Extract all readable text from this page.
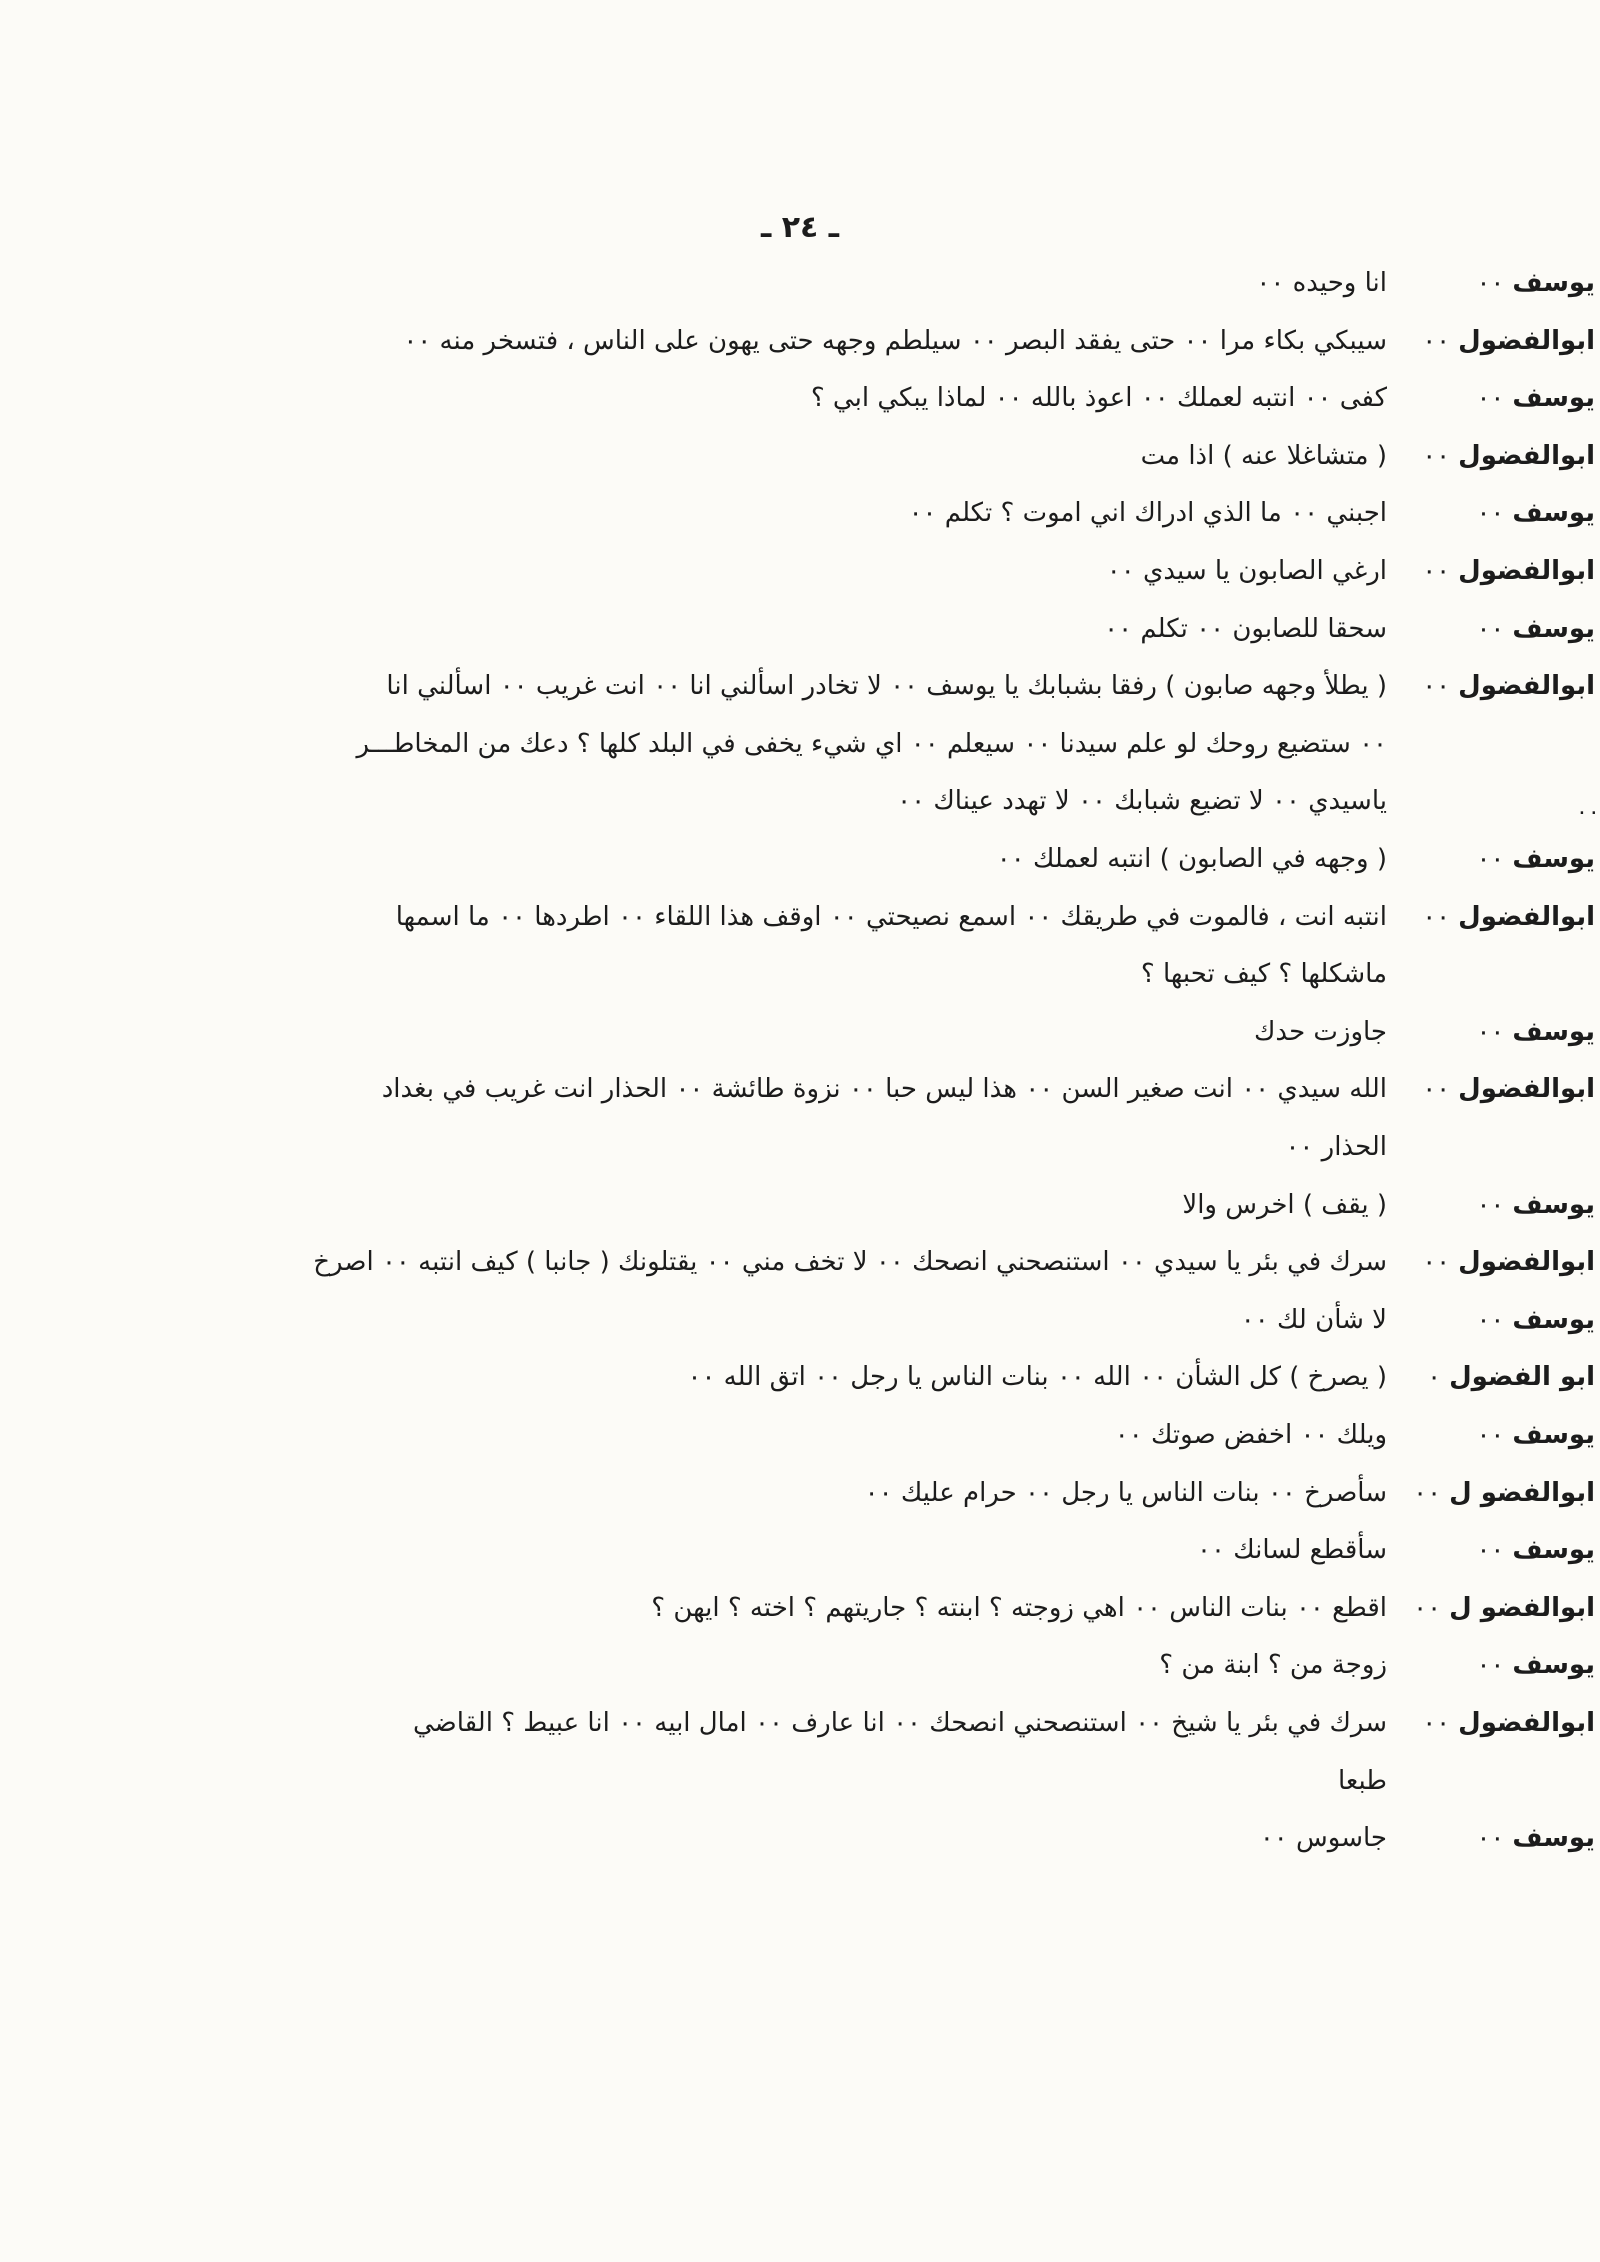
ـ ٢٤ ـ
٠٠
يوسف٠٠
انا وحيده ٠٠
ابوالفضول٠٠
سيبكي بكاء مرا ٠٠ حتى يفقد البصر ٠٠ سيلطم وجهه حتى يهون على الناس ، فتسخر منه ٠٠
يوسف٠٠
كفى ٠٠ انتبه لعملك ٠٠ اعوذ بالله ٠٠ لماذا يبكي ابي ؟
ابوالفضول٠٠
( متشاغلا عنه ) اذا مت
يوسف٠٠
اجبني ٠٠ ما الذي ادراك اني اموت ؟ تكلم ٠٠
ابوالفضول٠٠
ارغي الصابون يا سيدي ٠٠
يوسف٠٠
سحقا للصابون ٠٠ تكلم ٠٠
ابوالفضول٠٠
( يطلأ وجهه صابون ) رفقا بشبابك يا يوسف ٠٠ لا تخادر اسألني انا ٠٠ انت غريب ٠٠ اسألني انا
٠٠ ستضيع روحك لو علم سيدنا ٠٠ سيعلم ٠٠ اي شيء يخفى في البلد كلها ؟ دعك من المخاطـــر
ياسيدي ٠٠ لا تضيع شبابك ٠٠ لا تهدد عيناك ٠٠
يوسف٠٠
( وجهه في الصابون ) انتبه لعملك ٠٠
ابوالفضول٠٠
انتبه انت ، فالموت في طريقك ٠٠ اسمع نصيحتي ٠٠ اوقف هذا اللقاء ٠٠ اطردها ٠٠ ما اسمها
ماشكلها ؟ كيف تحبها ؟
يوسف٠٠
جاوزت حدك
ابوالفضول٠٠
الله سيدي ٠٠ انت صغير السن ٠٠ هذا ليس حبا ٠٠ نزوة طائشة ٠٠ الحذار انت غريب في بغداد
الحذار ٠٠
يوسف٠٠
( يقف ) اخرس والا
ابوالفضول٠٠
سرك في بئر يا سيدي ٠٠ استنصحني انصحك ٠٠ لا تخف مني ٠٠ يقتلونك ( جانبا ) كيف انتبه ٠٠ اصرخ
يوسف٠٠
لا شأن لك ٠٠
ابو الفضول٠
( يصرخ ) كل الشأن ٠٠ الله ٠٠ بنات الناس يا رجل ٠٠ اتق الله ٠٠
يوسف٠٠
ويلك ٠٠ اخفض صوتك ٠٠
ابوالفضو ل٠٠
سأصرخ ٠٠ بنات الناس يا رجل ٠٠ حرام عليك ٠٠
يوسف٠٠
سأقطع لسانك ٠٠
ابوالفضو ل٠٠
اقطع ٠٠ بنات الناس ٠٠ اهي زوجته ؟ ابنته ؟ جاريتهم ؟ اخته ؟ ايهن ؟
يوسف٠٠
زوجة من ؟ ابنة من ؟
ابوالفضول٠٠
سرك في بئر يا شيخ ٠٠ استنصحني انصحك ٠٠ انا عارف ٠٠ امال ابيه ٠٠ انا عبيط ؟ القاضي
طبعا
يوسف٠٠
جاسوس ٠٠
